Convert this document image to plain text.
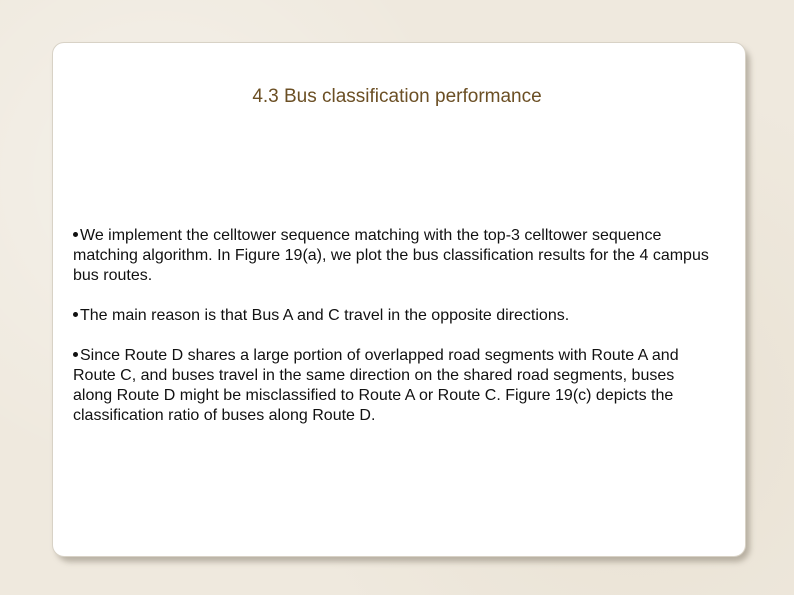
4.3 Bus classification performance
We implement the celltower sequence matching with the top-3 celltower sequence matching algorithm. In Figure 19(a), we plot the bus classification results for the 4 campus bus routes.
The main reason is that Bus A and C travel in the opposite directions.
Since Route D shares a large portion of overlapped road segments with Route A and Route C, and buses travel in the same direction on the shared road segments, buses along Route D might be misclassified to Route A or Route C. Figure 19(c) depicts the classification ratio of buses along Route D.
